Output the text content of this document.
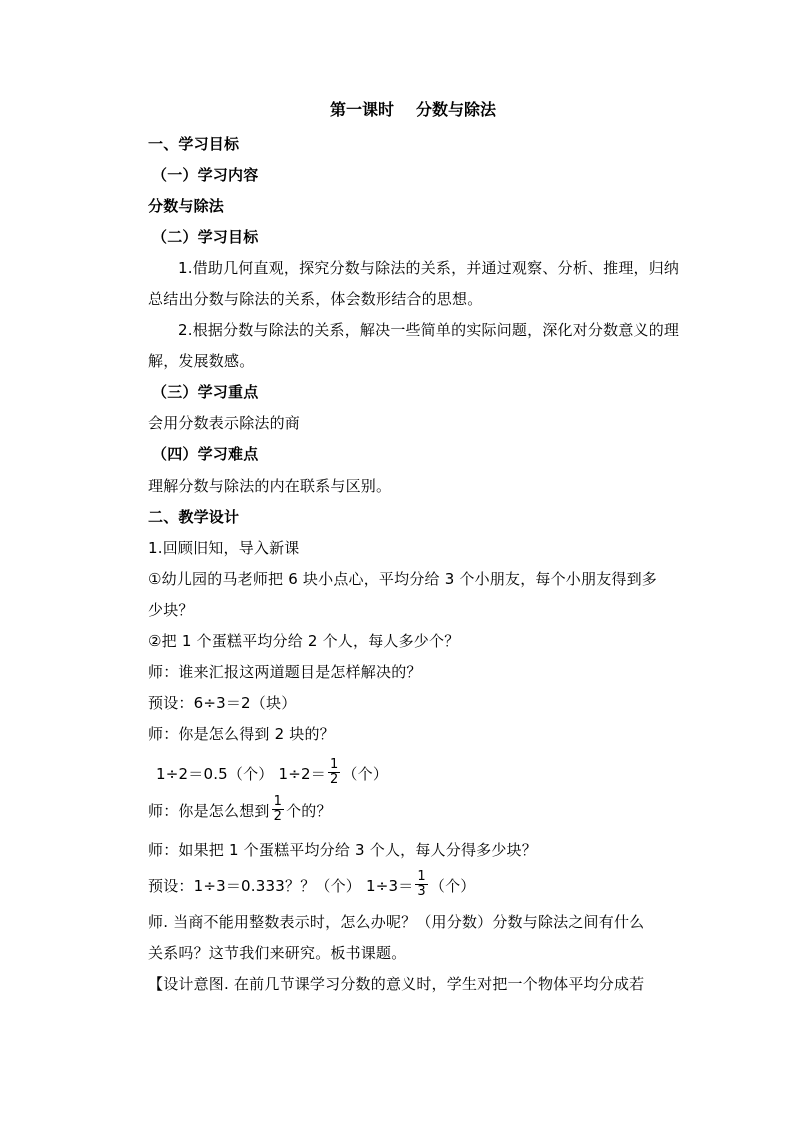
第一课时 分数与除法
一、学习目标
（一）学习内容
分数与除法
（二）学习目标
1.借助几何直观，探究分数与除法的关系，并通过观察、分析、推理，归纳
总结出分数与除法的关系，体会数形结合的思想。
2.根据分数与除法的关系，解决一些简单的实际问题，深化对分数意义的理
解，发展数感。
（三）学习重点
会用分数表示除法的商
（四）学习难点
理解分数与除法的内在联系与区别。
二、教学设计
1.回顾旧知，导入新课
①幼儿园的马老师把 6 块小点心，平均分给 3 个小朋友，每个小朋友得到多
少块？
②把 1 个蛋糕平均分给 2 个人，每人多少个？
师：谁来汇报这两道题目是怎样解决的？
预设：6÷3＝2（块）
师：你是怎么得到 2 块的？
1÷2＝0.5（个） $1\div 2= \frac{1}{2}$ （个）
师：你是怎么想到 $\frac{1}{2}$ 个的？
师：如果把 1 个蛋糕平均分给 3 个人，每人分得多少块？
预设：1÷3＝0.333？？（个） $1\div 3= \frac{1}{3}$ （个）
师. 当商不能用整数表示时，怎么办呢？（用分数）分数与除法之间有什么
关系吗？这节我们来研究。板书课题。
【设计意图. 在前几节课学习分数的意义时，学生对把一个物体平均分成若
